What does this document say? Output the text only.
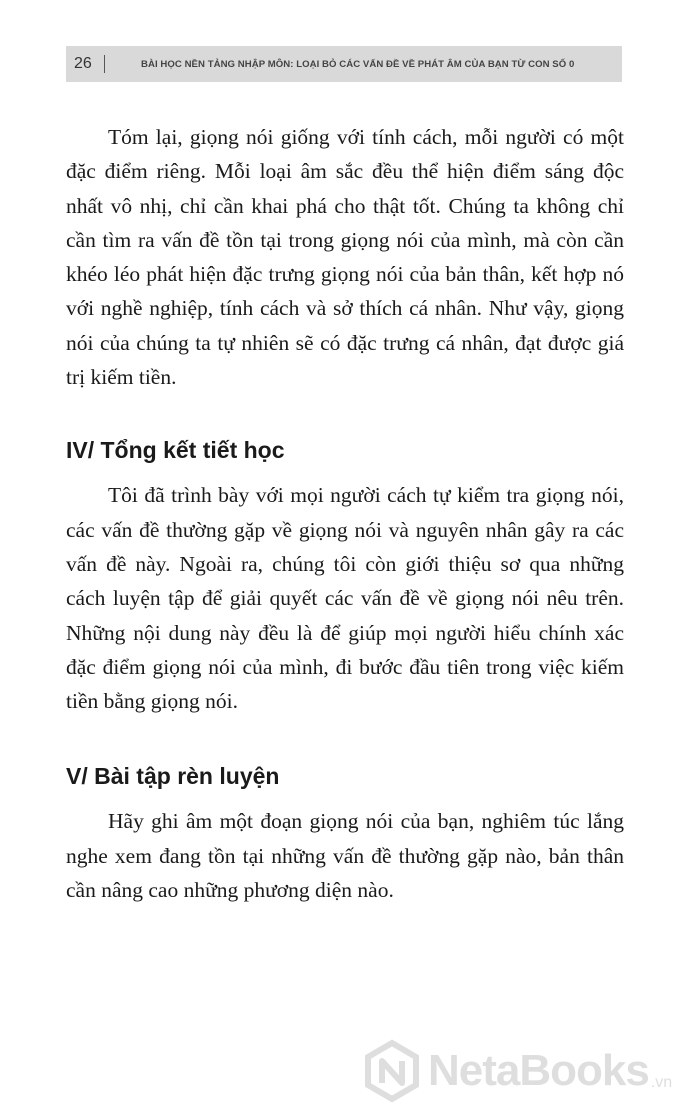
26	BÀI HỌC NỀN TẢNG NHẬP MÔN: LOẠI BỎ CÁC VẤN ĐỀ VỀ PHÁT ÂM CỦA BẠN TỪ CON SỐ 0

Tóm lại, giọng nói giống với tính cách, mỗi người có một đặc điểm riêng. Mỗi loại âm sắc đều thể hiện điểm sáng độc nhất vô nhị, chỉ cần khai phá cho thật tốt. Chúng ta không chỉ cần tìm ra vấn đề tồn tại trong giọng nói của mình, mà còn cần khéo léo phát hiện đặc trưng giọng nói của bản thân, kết hợp nó với nghề nghiệp, tính cách và sở thích cá nhân. Như vậy, giọng nói của chúng ta tự nhiên sẽ có đặc trưng cá nhân, đạt được giá trị kiếm tiền.

IV/ Tổng kết tiết học

Tôi đã trình bày với mọi người cách tự kiểm tra giọng nói, các vấn đề thường gặp về giọng nói và nguyên nhân gây ra các vấn đề này. Ngoài ra, chúng tôi còn giới thiệu sơ qua những cách luyện tập để giải quyết các vấn đề về giọng nói nêu trên. Những nội dung này đều là để giúp mọi người hiểu chính xác đặc điểm giọng nói của mình, đi bước đầu tiên trong việc kiếm tiền bằng giọng nói.

V/ Bài tập rèn luyện

Hãy ghi âm một đoạn giọng nói của bạn, nghiêm túc lắng nghe xem đang tồn tại những vấn đề thường gặp nào, bản thân cần nâng cao những phương diện nào.

NetaBooks .vn
